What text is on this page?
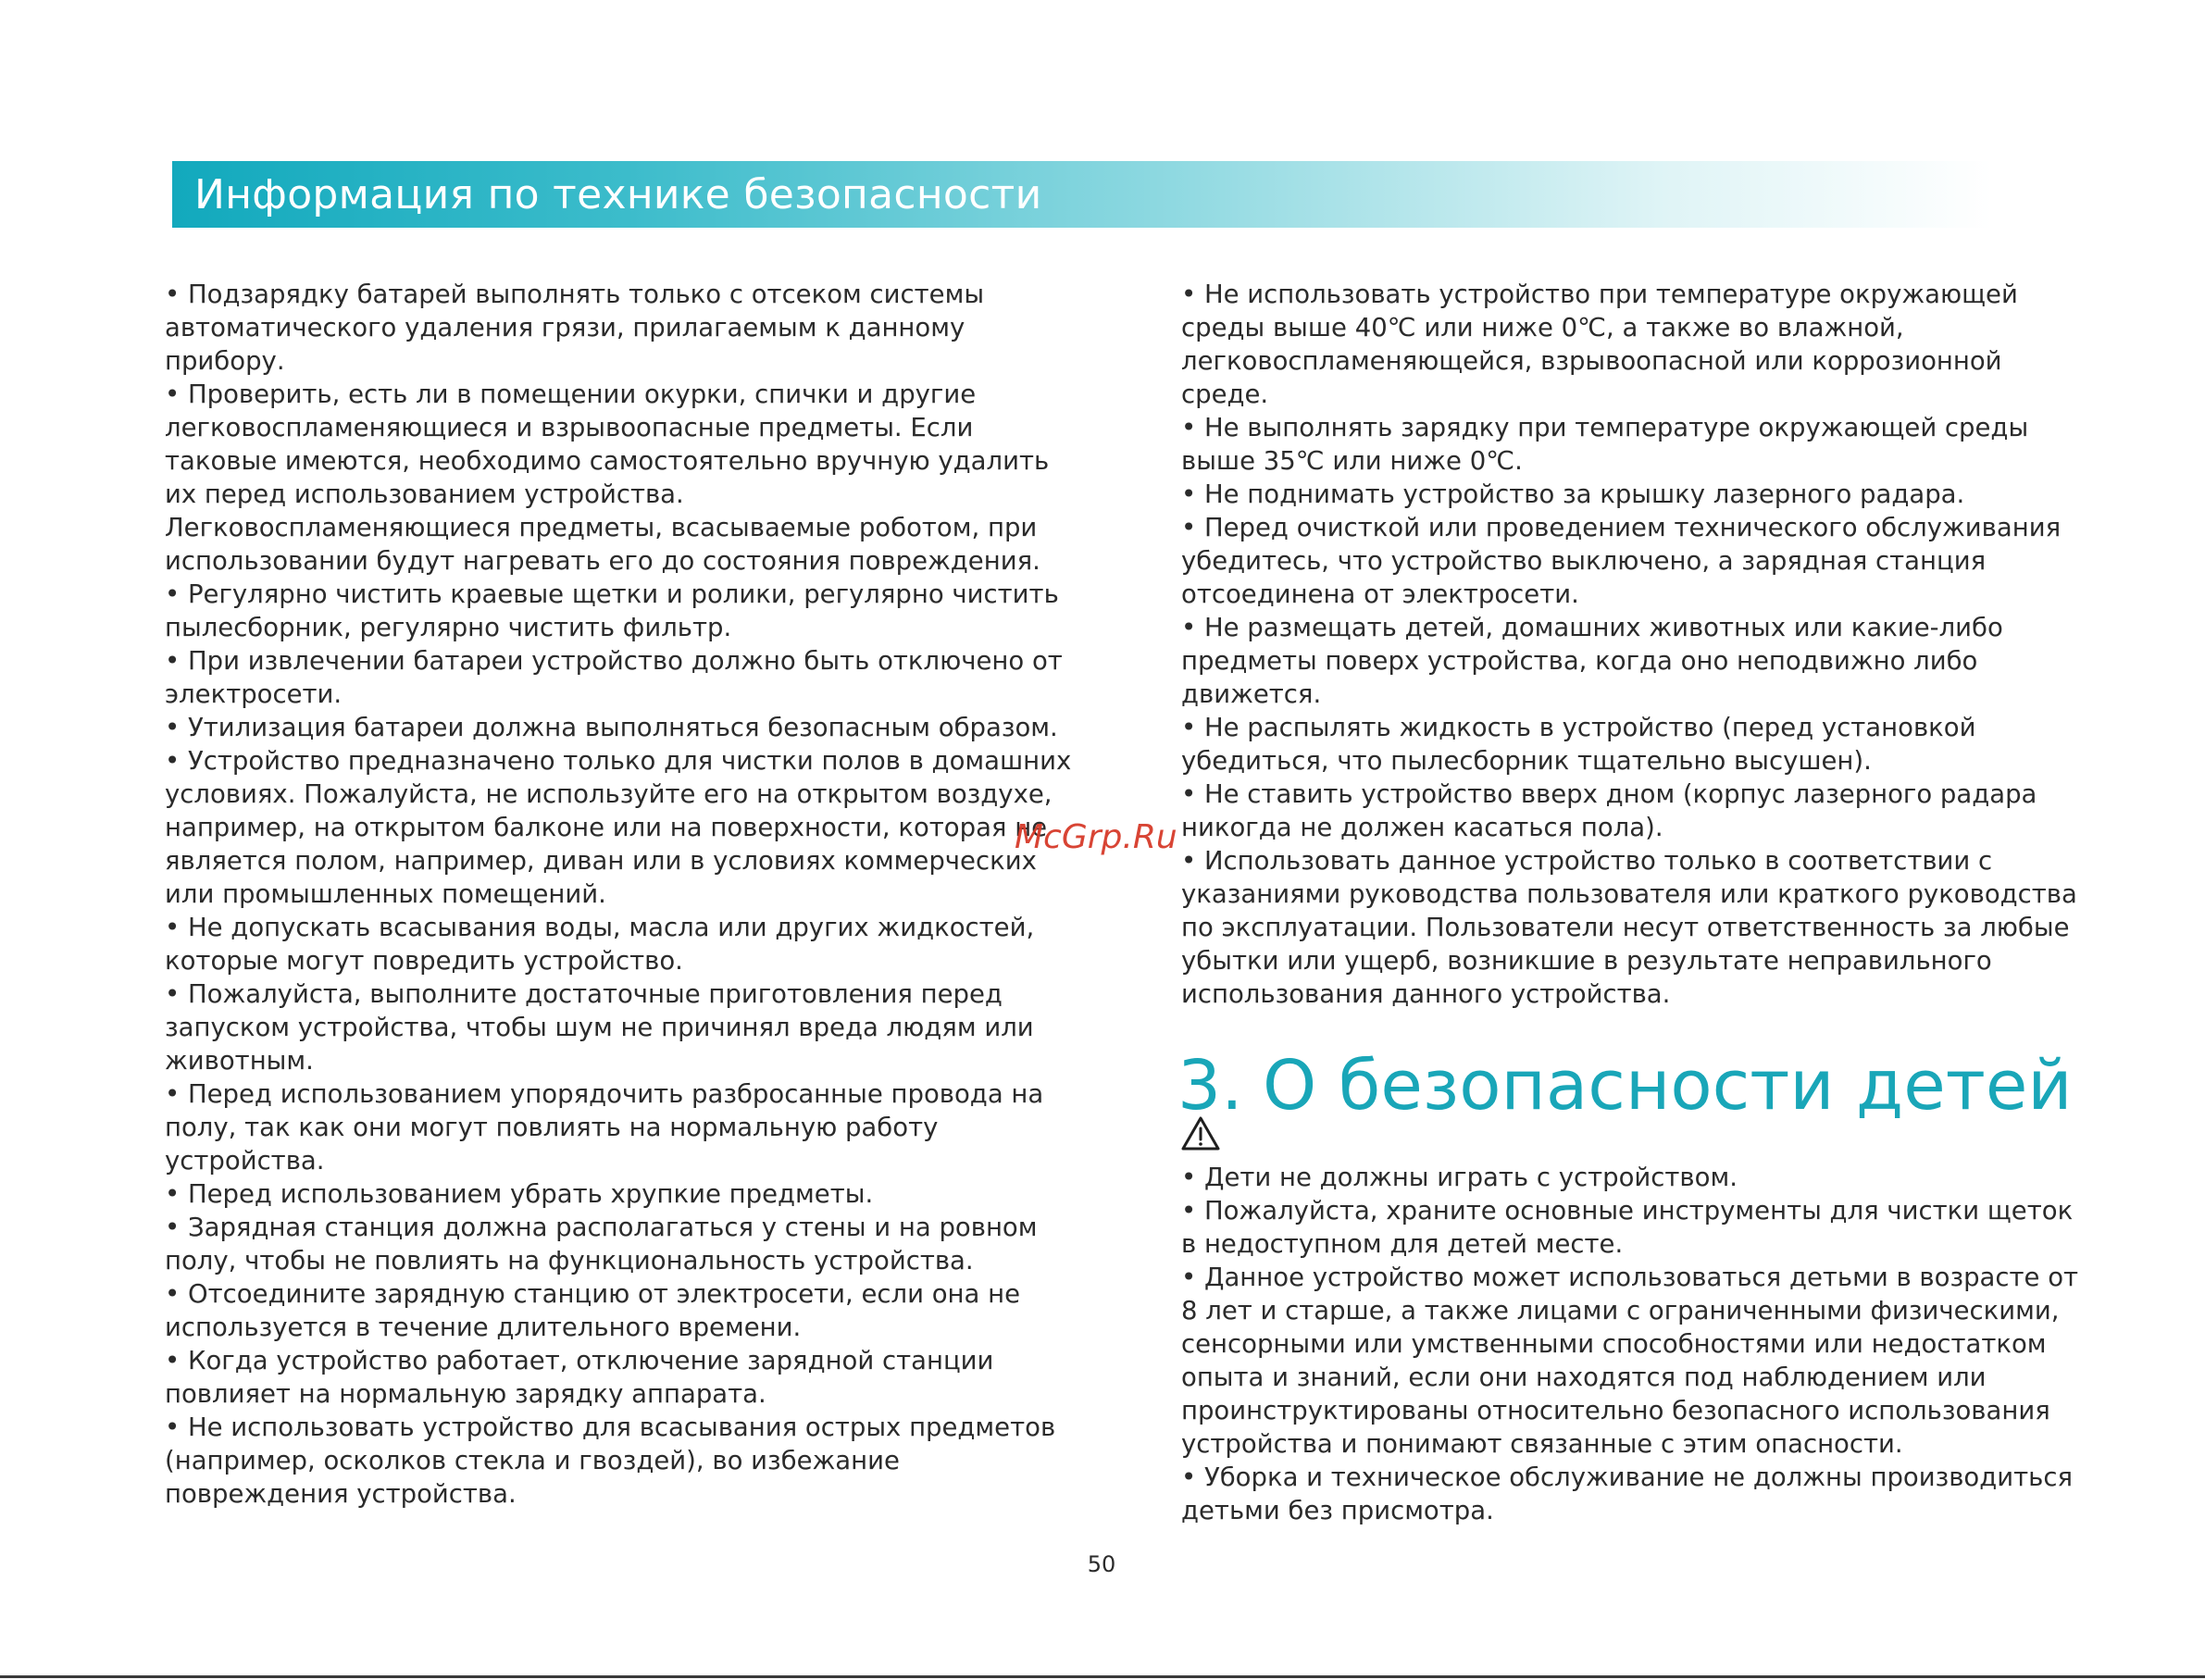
Информация по технике безопасности
• Подзарядку батарей выполнять только с отсеком системы
автоматического удаления грязи, прилагаемым к данному
прибору.
• Проверить, есть ли в помещении окурки, спички и другие
легковоспламеняющиеся и взрывоопасные предметы. Если
таковые имеются, необходимо самостоятельно вручную удалить
их перед использованием устройства.
Легковоспламеняющиеся предметы, всасываемые роботом, при
использовании будут нагревать его до состояния повреждения.
• Регулярно чистить краевые щетки и ролики, регулярно чистить
пылесборник, регулярно чистить фильтр.
• При извлечении батареи устройство должно быть отключено от
электросети.
• Утилизация батареи должна выполняться безопасным образом.
• Устройство предназначено только для чистки полов в домашних
условиях. Пожалуйста, не используйте его на открытом воздухе,
например, на открытом балконе или на поверхности, которая не
является полом, например, диван или в условиях коммерческих
или промышленных помещений.
• Не допускать всасывания воды, масла или других жидкостей,
которые могут повредить устройство.
• Пожалуйста, выполните достаточные приготовления перед
запуском устройства, чтобы шум не причинял вреда людям или
животным.
• Перед использованием упорядочить разбросанные провода на
полу, так как они могут повлиять на нормальную работу
устройства.
• Перед использованием убрать хрупкие предметы.
• Зарядная станция должна располагаться у стены и на ровном
полу, чтобы не повлиять на функциональность устройства.
• Отсоедините зарядную станцию от электросети, если она не
используется в течение длительного времени.
• Когда устройство работает, отключение зарядной станции
повлияет на нормальную зарядку аппарата.
• Не использовать устройство для всасывания острых предметов
(например, осколков стекла и гвоздей), во избежание
повреждения устройства.
• Не использовать устройство при температуре окружающей
среды выше 40℃ или ниже 0℃, а также во влажной,
легковоспламеняющейся, взрывоопасной или коррозионной
среде.
• Не выполнять зарядку при температуре окружающей среды
выше 35℃ или ниже 0℃.
• Не поднимать устройство за крышку лазерного радара.
• Перед очисткой или проведением технического обслуживания
убедитесь, что устройство выключено, а зарядная станция
отсоединена от электросети.
• Не размещать детей, домашних животных или какие-либо
предметы поверх устройства, когда оно неподвижно либо
движется.
• Не распылять жидкость в устройство (перед установкой
убедиться, что пылесборник тщательно высушен).
• Не ставить устройство вверх дном (корпус лазерного радара
никогда не должен касаться пола).
• Использовать данное устройство только в соответствии с
указаниями руководства пользователя или краткого руководства
по эксплуатации. Пользователи несут ответственность за любые
убытки или ущерб, возникшие в результате неправильного
использования данного устройства.
3. О безопасности детей
• Дети не должны играть с устройством.
• Пожалуйста, храните основные инструменты для чистки щеток
в недоступном для детей месте.
• Данное устройство может использоваться детьми в возрасте от
8 лет и старше, а также лицами с ограниченными физическими,
сенсорными или умственными способностями или недостатком
опыта и знаний, если они находятся под наблюдением или
проинструктированы относительно безопасного использования
устройства и понимают связанные с этим опасности.
• Уборка и техническое обслуживание не должны производиться
детьми без присмотра.
McGrp.Ru
50
